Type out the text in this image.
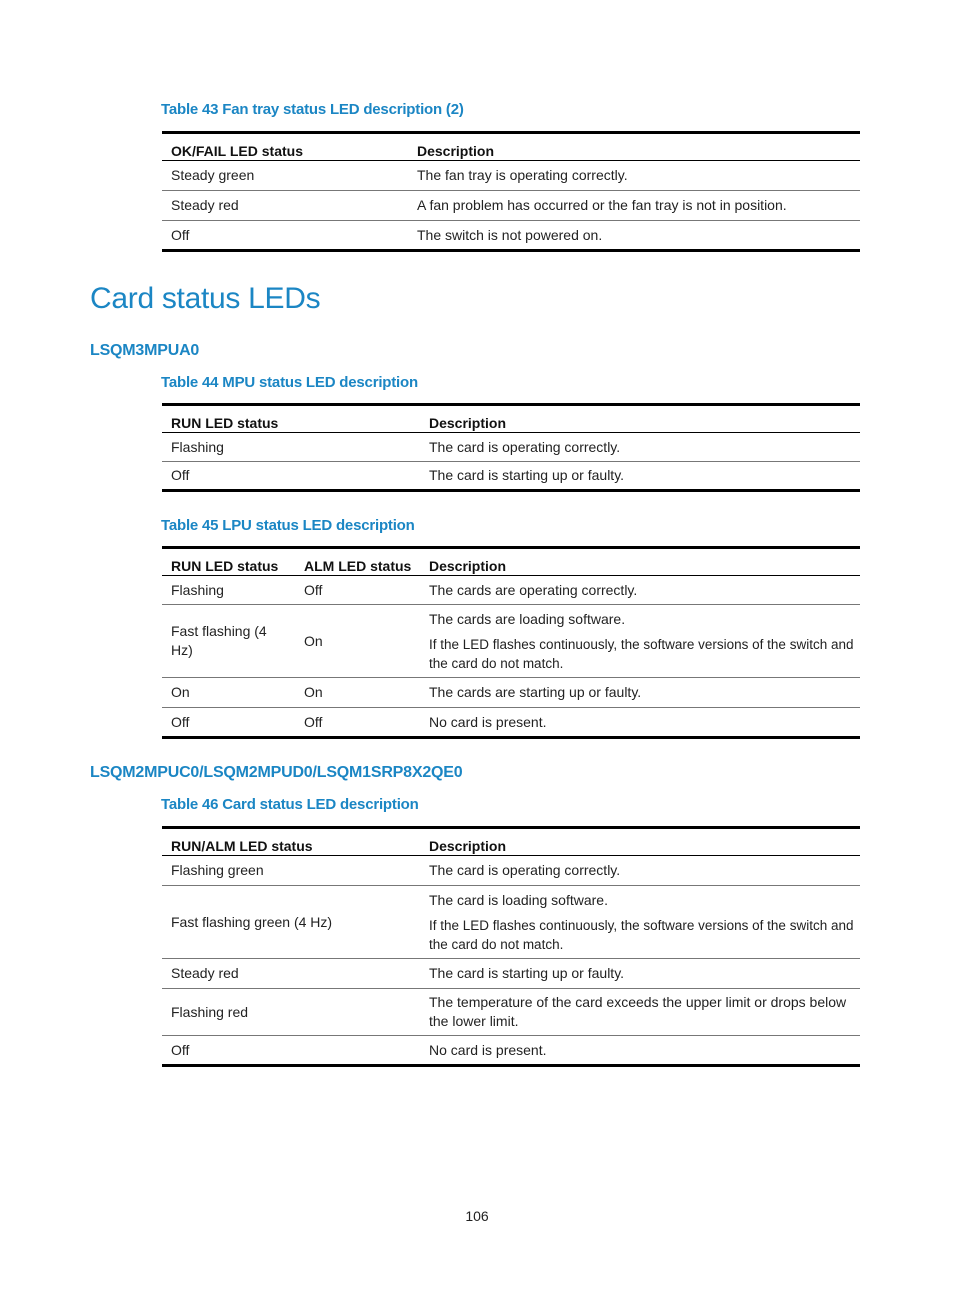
Table 43 Fan tray status LED description (2)
OK/FAIL LED status	Description
Steady green	The fan tray is operating correctly.
Steady red	A fan problem has occurred or the fan tray is not in position.
Off	The switch is not powered on.
Card status LEDs
LSQM3MPUA0
Table 44 MPU status LED description
RUN LED status	Description
Flashing	The card is operating correctly.
Off	The card is starting up or faulty.
Table 45 LPU status LED description
RUN LED status	ALM LED status	Description
Flashing	Off	The cards are operating correctly.
Fast flashing (4 Hz)	On	The cards are loading software.
If the LED flashes continuously, the software versions of the switch and the card do not match.

On	On	The cards are starting up or faulty.
Off	Off	No card is present.
LSQM2MPUC0/LSQM2MPUD0/LSQM1SRP8X2QE0
Table 46 Card status LED description
RUN/ALM LED status	Description
Flashing green	The card is operating correctly.
Fast flashing green (4 Hz)	The card is loading software.
If the LED flashes continuously, the software versions of the switch and the card do not match.

Steady red	The card is starting up or faulty.
Flashing red	The temperature of the card exceeds the upper limit or drops below the lower limit.
Off	No card is present.
106
